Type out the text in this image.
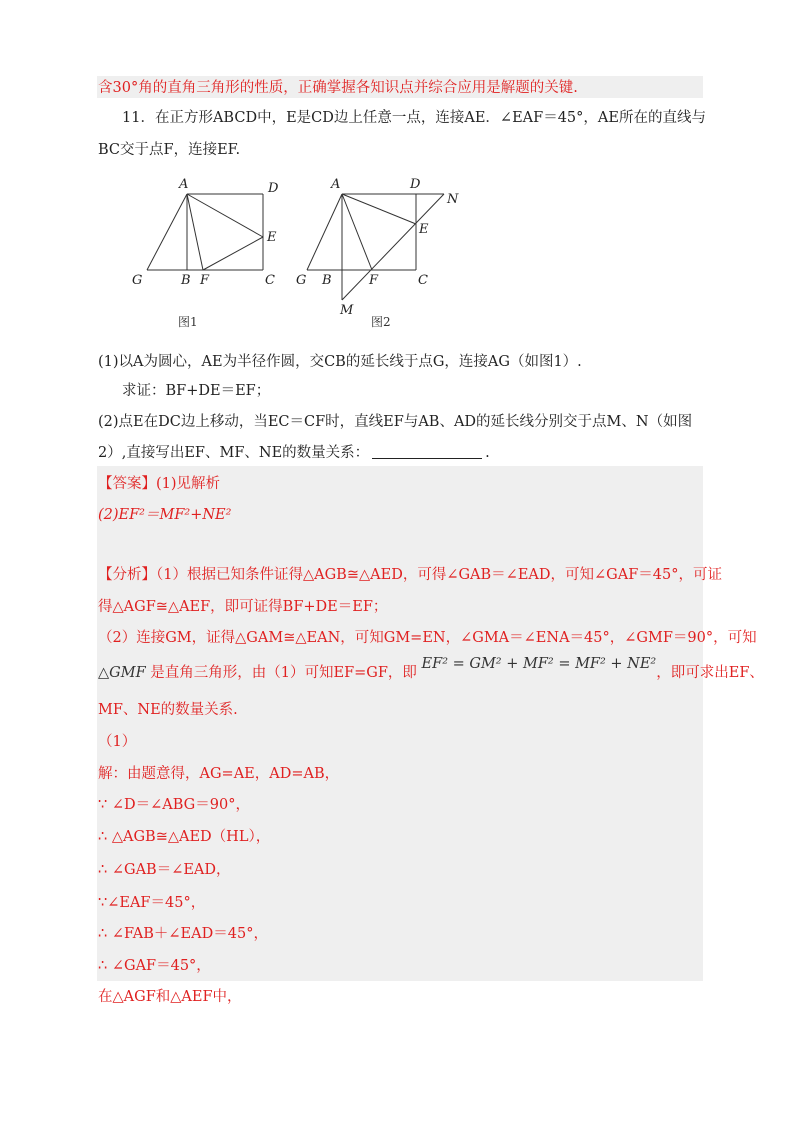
含30°角的直角三角形的性质，正确掌握各知识点并综合应用是解题的关键.
11．在正方形ABCD中，E是CD边上任意一点，连接AE．∠EAF＝45°，AE所在的直线与
BC交于点F，连接EF.
A	D
E
G	B F	C
图1
A	D
N
E
G B	F	C
M
图2
(1)以A为圆心，AE为半径作圆，交CB的延长线于点G，连接AG（如图1）.
求证：BF+DE＝EF；
(2)点E在DC边上移动，当EC＝CF时，直线EF与AB、AD的延长线分别交于点M、N（如图
2）,直接写出EF、MF、NE的数量关系：	.
【答案】(1)见解析
(2)EF²＝MF²+NE²
【分析】（1）根据已知条件证得△AGB≅△AED，可得∠GAB＝∠EAD，可知∠GAF＝45°，可证
得△AGF≅△AEF，即可证得BF+DE＝EF；
（2）连接GM，证得△GAM≅△EAN，可知GM=EN，∠GMA＝∠ENA＝45°，∠GMF＝90°，可知
△GMF 是直角三角形，由（1）可知EF=GF，即 EF² = GM² + MF² = MF² + NE²，即可求出EF、
MF、NE的数量关系.
（1）
解：由题意得，AG=AE，AD=AB，
∵ ∠D＝∠ABG＝90°，
∴ △AGB≅△AED（HL），
∴ ∠GAB＝∠EAD，
∵∠EAF＝45°，
∴ ∠FAB＋∠EAD＝45°，
∴ ∠GAF＝45°，
在△AGF和△AEF中，
